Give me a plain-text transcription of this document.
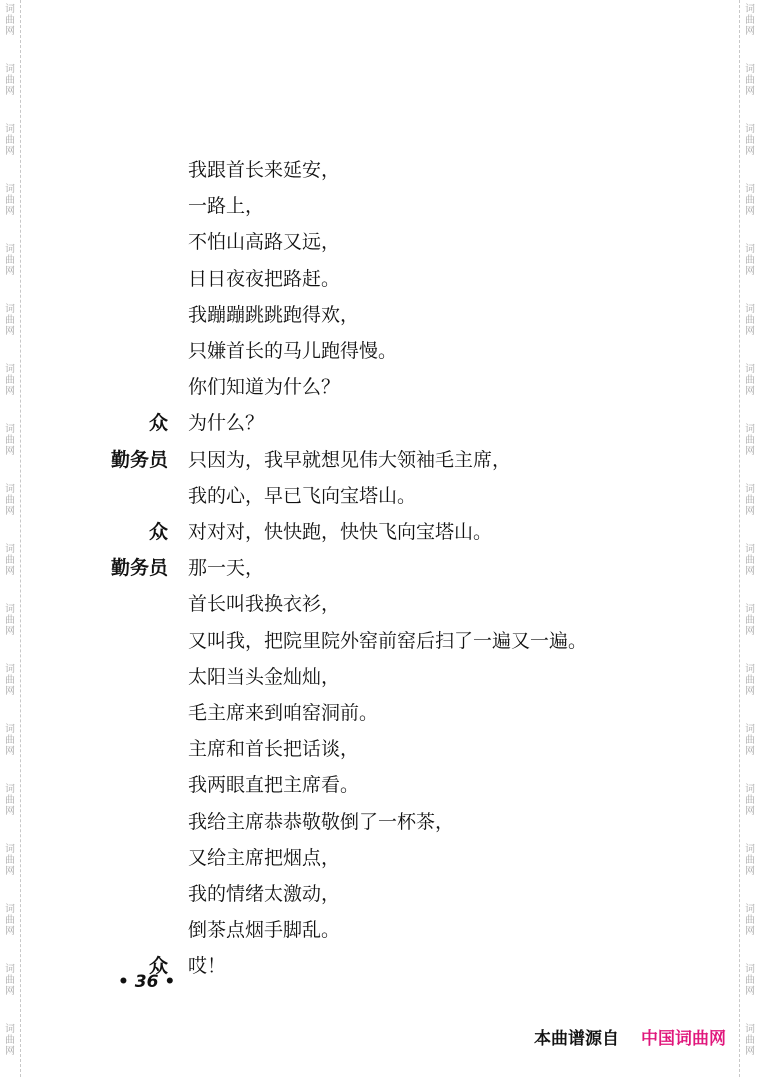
词
曲
网
词
曲
网
词
曲
网
词
曲
网
词
曲
网
词
曲
网
词
曲
网
词
曲
网
词
曲
网
词
曲
网
词
曲
网
词
曲
网
词
曲
网
词
曲
网
词
曲
网
词
曲
网
词
曲
网
词
曲
网
词
曲
网
词
曲
网
词
曲
网
词
曲
网
词
曲
网
词
曲
网
词
曲
网
词
曲
网
词
曲
网
词
曲
网
词
曲
网
词
曲
网
词
曲
网
词
曲
网
词
曲
网
词
曲
网
词
曲
网
词
曲
网
我跟首长来延安，
一路上，
不怕山高路又远，
日日夜夜把路赶。
我蹦蹦跳跳跑得欢，
只嫌首长的马儿跑得慢。
你们知道为什么？
众 为什么？
勤务员 只因为，我早就想见伟大领袖毛主席，
我的心，早已飞向宝塔山。
众 对对对，快快跑，快快飞向宝塔山。
勤务员 那一天，
首长叫我换衣衫，
又叫我，把院里院外窑前窑后扫了一遍又一遍。
太阳当头金灿灿，
毛主席来到咱窑洞前。
主席和首长把话谈，
我两眼直把主席看。
我给主席恭恭敬敬倒了一杯茶，
又给主席把烟点，
我的情绪太激动，
倒茶点烟手脚乱。
众 哎！
• 36 •
本曲谱源自 中国词曲网
